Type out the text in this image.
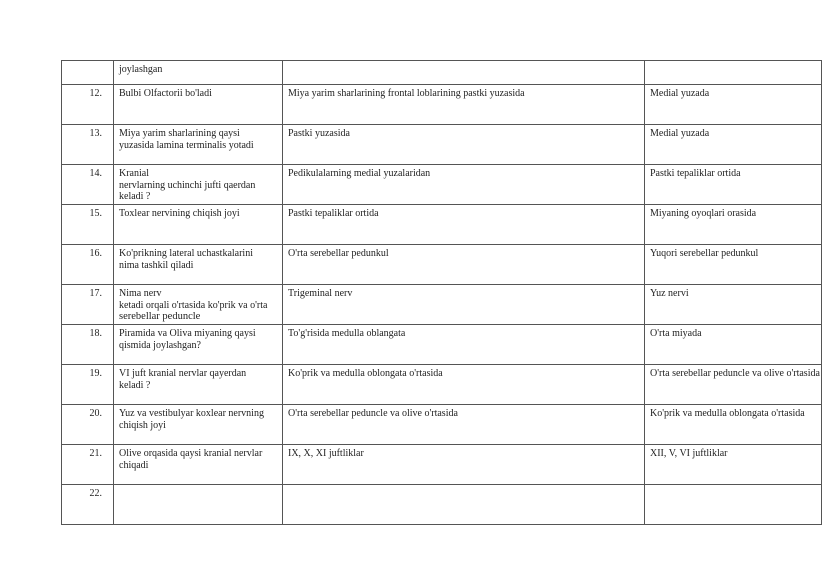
	joylashgan		
12.	Bulbi Olfactorii bo'ladi	Miya yarim sharlarining frontal loblarining pastki yuzasida	Medial yuzada
13.	Miya yarim sharlarining qaysi
yuzasida lamina terminalis yotadi	Pastki yuzasida	Medial yuzada
14.	Kranial
nervlarning uchinchi jufti qaerdan
keladi ?	Pedikulalarning medial yuzalaridan	Pastki tepaliklar ortida
15.	Toxlear nervining chiqish joyi	Pastki tepaliklar ortida	Miyaning oyoqlari orasida
16.	Ko'prikning lateral uchastkalarini
nima tashkil qiladi	O'rta serebellar pedunkul	Yuqori serebellar pedunkul
17.	Nima nerv
ketadi orqali o'rtasida ko'prik va o'rta
serebellar peduncle	Trigeminal nerv	Yuz nervi
18.	Piramida va Oliva miyaning qaysi
qismida joylashgan?	To'g'risida medulla oblangata	O'rta miyada
19.	VI juft kranial nervlar qayerdan
keladi ?	Ko'prik va medulla oblongata o'rtasida	O'rta serebellar peduncle va olive o'rtasida
20.	Yuz va vestibulyar koxlear nervning
chiqish joyi	O'rta serebellar peduncle va olive o'rtasida	Ko'prik va medulla oblongata o'rtasida
21.	Olive orqasida qaysi kranial nervlar
chiqadi	IX, X, XI juftliklar	XII, V, VI juftliklar
22.			
